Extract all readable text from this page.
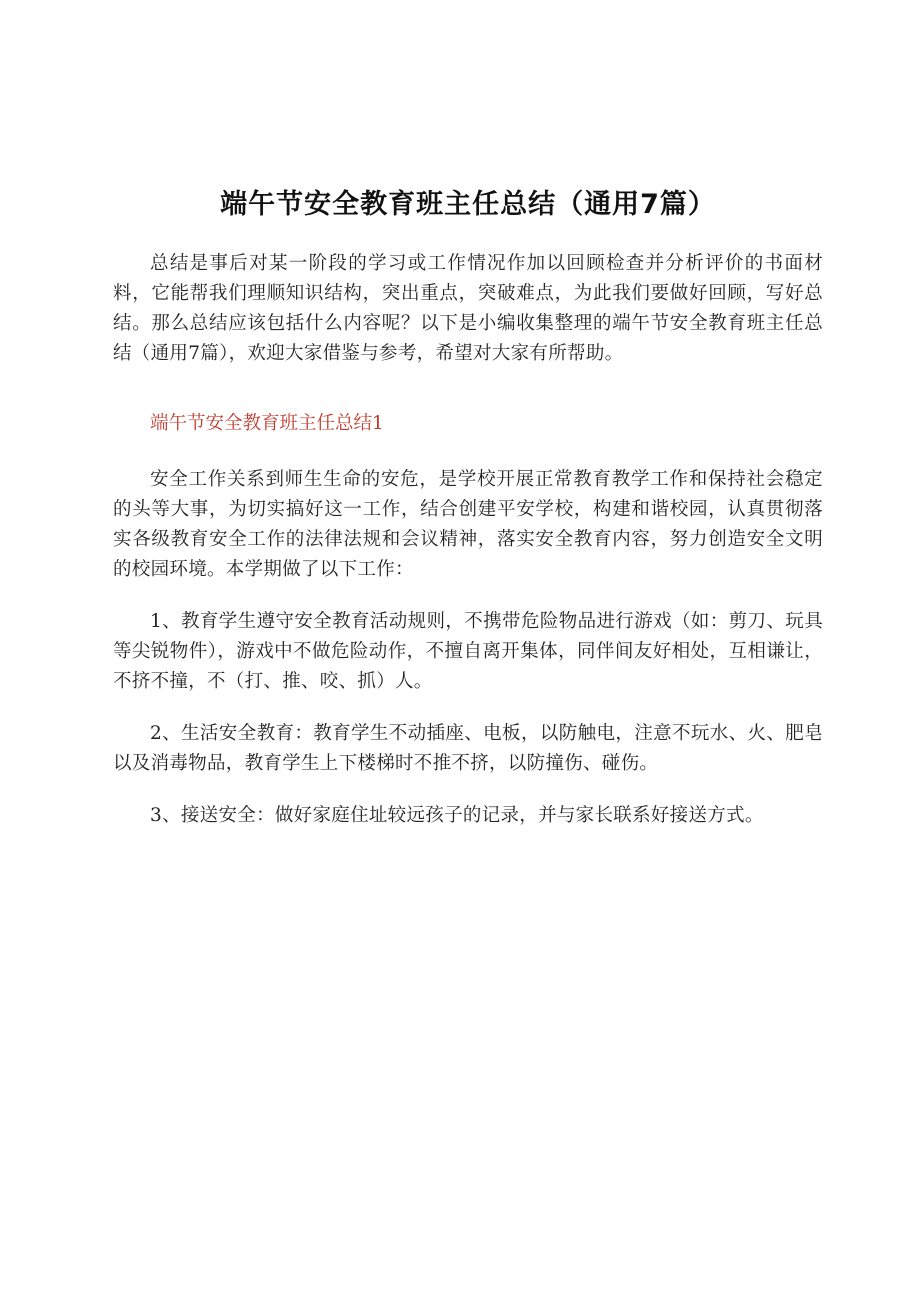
端午节安全教育班主任总结（通用7篇）

总结是事后对某一阶段的学习或工作情况作加以回顾检查并分析评价的书面材料，它能帮我们理顺知识结构，突出重点，突破难点，为此我们要做好回顾，写好总结。那么总结应该包括什么内容呢？以下是小编收集整理的端午节安全教育班主任总结（通用7篇），欢迎大家借鉴与参考，希望对大家有所帮助。

端午节安全教育班主任总结1

安全工作关系到师生生命的安危，是学校开展正常教育教学工作和保持社会稳定的头等大事，为切实搞好这一工作，结合创建平安学校，构建和谐校园，认真贯彻落实各级教育安全工作的法律法规和会议精神，落实安全教育内容，努力创造安全文明的校园环境。本学期做了以下工作：

1、教育学生遵守安全教育活动规则，不携带危险物品进行游戏（如：剪刀、玩具等尖锐物件），游戏中不做危险动作，不擅自离开集体，同伴间友好相处，互相谦让，不挤不撞，不（打、推、咬、抓）人。

2、生活安全教育：教育学生不动插座、电板，以防触电，注意不玩水、火、肥皂以及消毒物品，教育学生上下楼梯时不推不挤，以防撞伤、碰伤。

3、接送安全：做好家庭住址较远孩子的记录，并与家长联系好接送方式。
